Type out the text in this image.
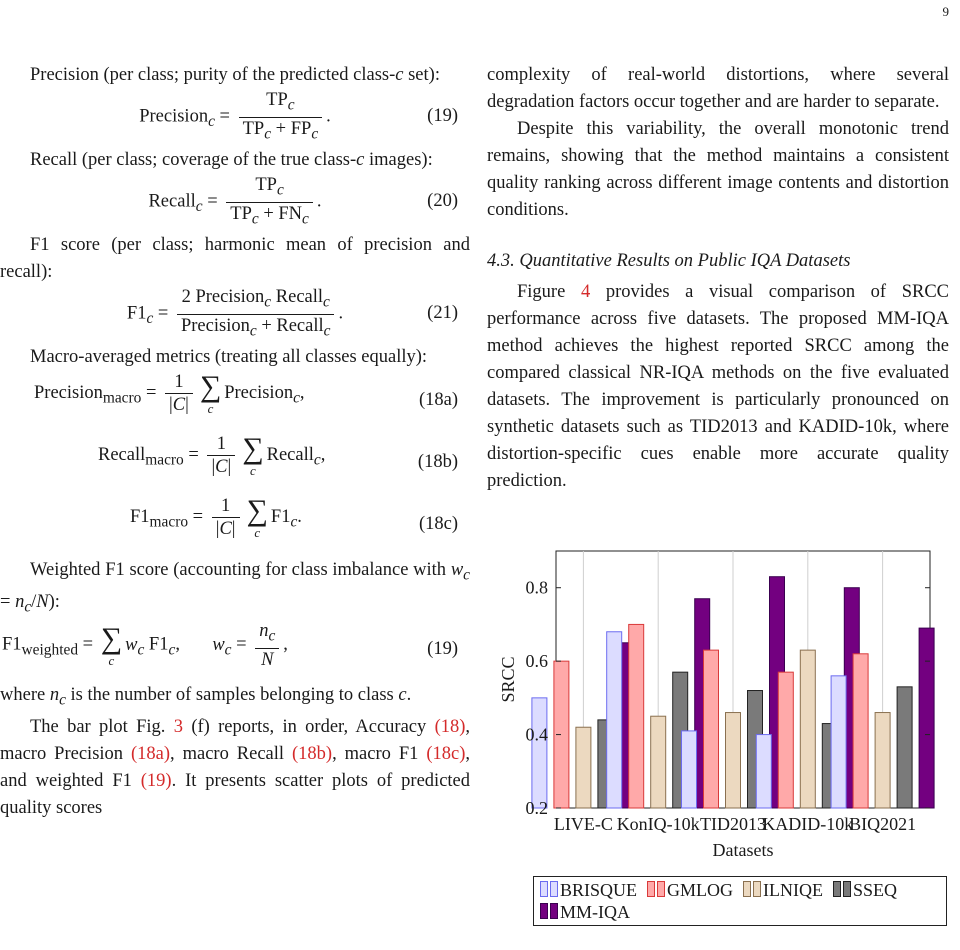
9

Precision (per class; purity of the predicted class-c set):

Precision$_c$ = $\frac{TP_c}{TP_c + FP_c}$ .	(19)

Recall (per class; coverage of the true class-c images):

Recall$_c$ = $\frac{TP_c}{TP_c + FN_c}$ .	(20)

F1 score (per class; harmonic mean of precision and recall):

$F1_c = \frac{2 Precision_c Recall_c}{Precision_c + Recall_c}$ .	(21)

Macro-averaged metrics (treating all classes equally):

Precision$_{macro}$ = $\frac{1}{|C|}$ ∑
c
Precision$_c$,	(18a)
Recall$_{macro}$ = $\frac{1}{|C|}$ ∑
c
Recall$_c$,	(18b)
$F1_{macro} = \frac{1}{|C|}$ ∑
c
$F1_c$.	(18c)

Weighted F1 score (accounting for class imbalance with $w_c = n_c/N$):

$F1_{weighted}$ = ∑
c
$w_c$ $F1_c$,       $w_c = \frac{n_c}{N}$ ,	(19)

where $n_c$ is the number of samples belonging to class c.

The bar plot Fig. 3 (f) reports, in order, Accuracy (18), macro Precision (18a), macro Recall (18b), macro F1 (18c), and weighted F1 (19). It presents scatter plots of predicted quality scores

complexity of real-world distortions, where several degradation factors occur together and are harder to separate.

Despite this variability, the overall monotonic trend remains, showing that the method maintains a consistent quality ranking across different image contents and distortion conditions.

4.3. Quantitative Results on Public IQA Datasets

Figure 4 provides a visual comparison of SRCC performance across five datasets. The proposed MM-IQA method achieves the highest reported SRCC among the compared classical NR-IQA methods on the five evaluated datasets. The improvement is particularly pronounced on synthetic datasets such as TID2013 and KADID-10k, where distortion-specific cues enable more accurate quality prediction.

0.2
0.4
0.6
0.8
LIVE-C KonIQ-10k TID2013
KADID-10k
BIQ2021
SRCC
Datasets
BRISQUE GMLOG ILNIQE SSEQ
MM-IQA
